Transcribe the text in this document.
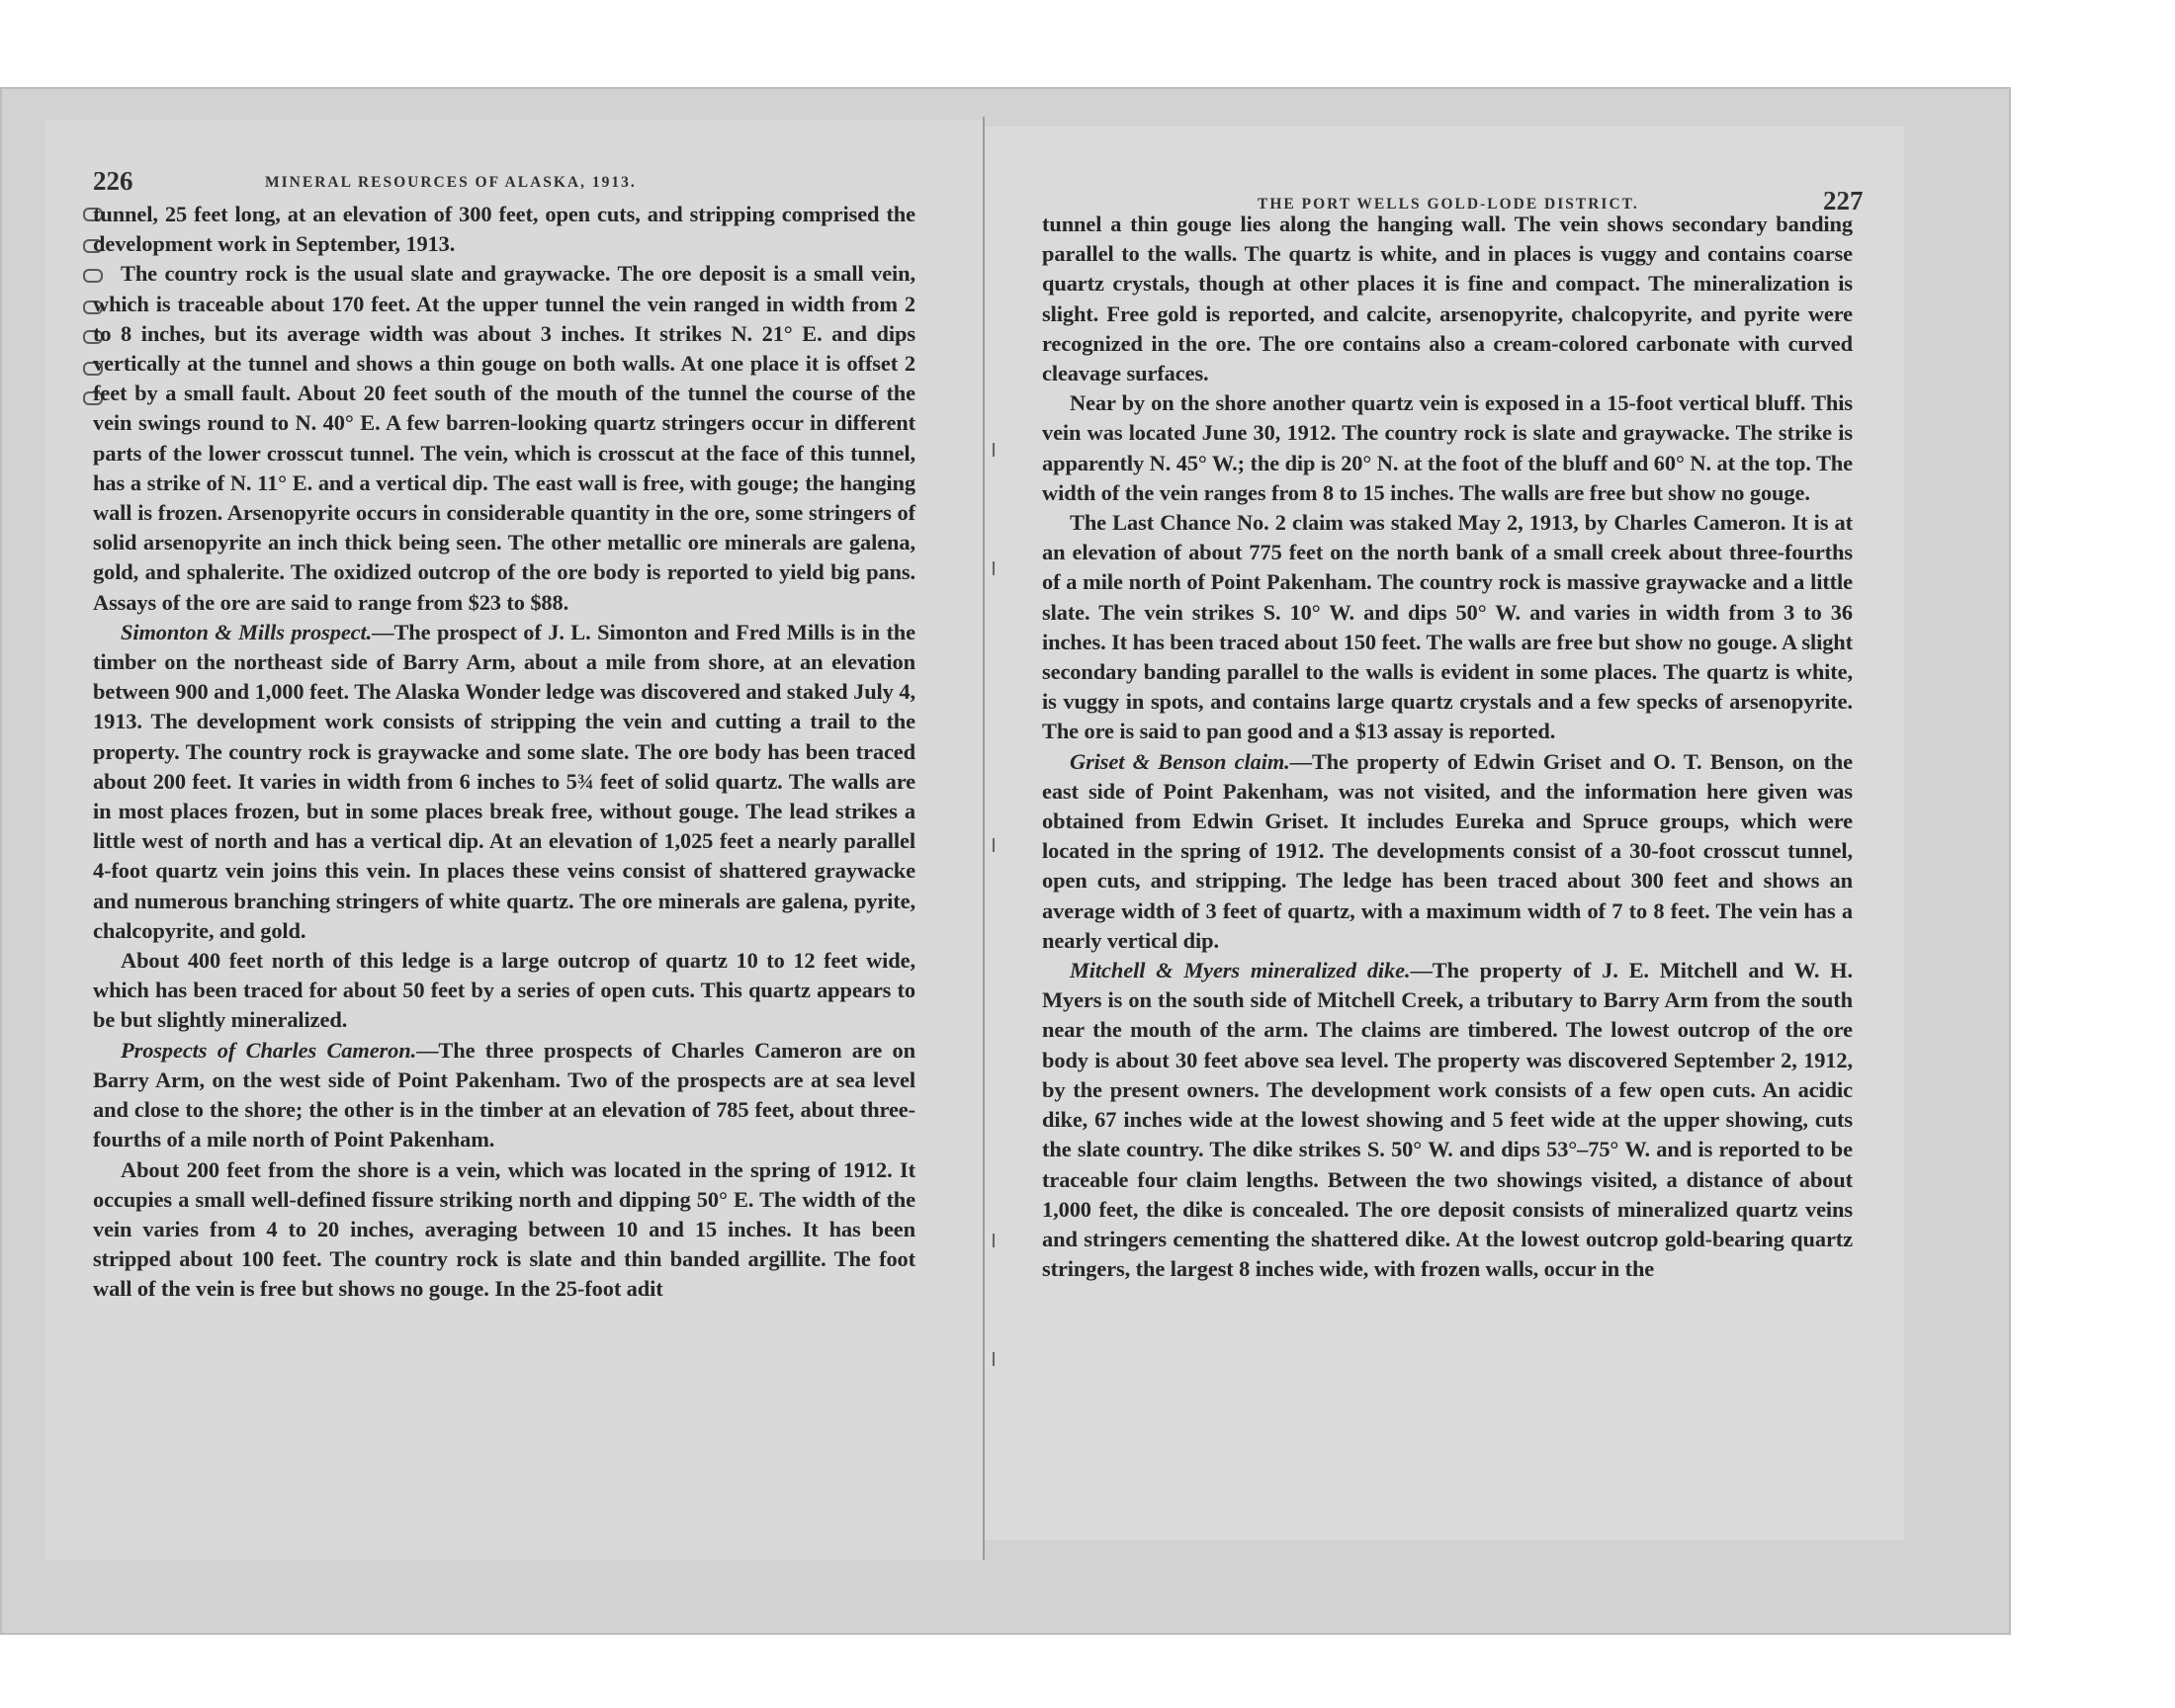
226	MINERAL RESOURCES OF ALASKA, 1913.

tunnel, 25 feet long, at an elevation of 300 feet, open cuts, and stripping comprised the development work in September, 1913.

The country rock is the usual slate and graywacke. The ore deposit is a small vein, which is traceable about 170 feet. At the upper tunnel the vein ranged in width from 2 to 8 inches, but its average width was about 3 inches. It strikes N. 21° E. and dips vertically at the tunnel and shows a thin gouge on both walls. At one place it is offset 2 feet by a small fault. About 20 feet south of the mouth of the tunnel the course of the vein swings round to N. 40° E. A few barren-looking quartz stringers occur in different parts of the lower crosscut tunnel. The vein, which is crosscut at the face of this tunnel, has a strike of N. 11° E. and a vertical dip. The east wall is free, with gouge; the hanging wall is frozen. Arsenopyrite occurs in considerable quantity in the ore, some stringers of solid arsenopyrite an inch thick being seen. The other metallic ore minerals are galena, gold, and sphalerite. The oxidized outcrop of the ore body is reported to yield big pans. Assays of the ore are said to range from $23 to $88.

Simonton & Mills prospect.—The prospect of J. L. Simonton and Fred Mills is in the timber on the northeast side of Barry Arm, about a mile from shore, at an elevation between 900 and 1,000 feet. The Alaska Wonder ledge was discovered and staked July 4, 1913. The development work consists of stripping the vein and cutting a trail to the property. The country rock is graywacke and some slate. The ore body has been traced about 200 feet. It varies in width from 6 inches to 5¾ feet of solid quartz. The walls are in most places frozen, but in some places break free, without gouge. The lead strikes a little west of north and has a vertical dip. At an elevation of 1,025 feet a nearly parallel 4-foot quartz vein joins this vein. In places these veins consist of shattered graywacke and numerous branching stringers of white quartz. The ore minerals are galena, pyrite, chalcopyrite, and gold.

About 400 feet north of this ledge is a large outcrop of quartz 10 to 12 feet wide, which has been traced for about 50 feet by a series of open cuts. This quartz appears to be but slightly mineralized.

Prospects of Charles Cameron.—The three prospects of Charles Cameron are on Barry Arm, on the west side of Point Pakenham. Two of the prospects are at sea level and close to the shore; the other is in the timber at an elevation of 785 feet, about three-fourths of a mile north of Point Pakenham.

About 200 feet from the shore is a vein, which was located in the spring of 1912. It occupies a small well-defined fissure striking north and dipping 50° E. The width of the vein varies from 4 to 20 inches, averaging between 10 and 15 inches. It has been stripped about 100 feet. The country rock is slate and thin banded argillite. The foot wall of the vein is free but shows no gouge. In the 25-foot adit

THE PORT WELLS GOLD-LODE DISTRICT.	227

tunnel a thin gouge lies along the hanging wall. The vein shows secondary banding parallel to the walls. The quartz is white, and in places is vuggy and contains coarse quartz crystals, though at other places it is fine and compact. The mineralization is slight. Free gold is reported, and calcite, arsenopyrite, chalcopyrite, and pyrite were recognized in the ore. The ore contains also a cream-colored carbonate with curved cleavage surfaces.

Near by on the shore another quartz vein is exposed in a 15-foot vertical bluff. This vein was located June 30, 1912. The country rock is slate and graywacke. The strike is apparently N. 45° W.; the dip is 20° N. at the foot of the bluff and 60° N. at the top. The width of the vein ranges from 8 to 15 inches. The walls are free but show no gouge.

The Last Chance No. 2 claim was staked May 2, 1913, by Charles Cameron. It is at an elevation of about 775 feet on the north bank of a small creek about three-fourths of a mile north of Point Pakenham. The country rock is massive graywacke and a little slate. The vein strikes S. 10° W. and dips 50° W. and varies in width from 3 to 36 inches. It has been traced about 150 feet. The walls are free but show no gouge. A slight secondary banding parallel to the walls is evident in some places. The quartz is white, is vuggy in spots, and contains large quartz crystals and a few specks of arsenopyrite. The ore is said to pan good and a $13 assay is reported.

Griset & Benson claim.—The property of Edwin Griset and O. T. Benson, on the east side of Point Pakenham, was not visited, and the information here given was obtained from Edwin Griset. It includes Eureka and Spruce groups, which were located in the spring of 1912. The developments consist of a 30-foot crosscut tunnel, open cuts, and stripping. The ledge has been traced about 300 feet and shows an average width of 3 feet of quartz, with a maximum width of 7 to 8 feet. The vein has a nearly vertical dip.

Mitchell & Myers mineralized dike.—The property of J. E. Mitchell and W. H. Myers is on the south side of Mitchell Creek, a tributary to Barry Arm from the south near the mouth of the arm. The claims are timbered. The lowest outcrop of the ore body is about 30 feet above sea level. The property was discovered September 2, 1912, by the present owners. The development work consists of a few open cuts. An acidic dike, 67 inches wide at the lowest showing and 5 feet wide at the upper showing, cuts the slate country. The dike strikes S. 50° W. and dips 53°–75° W. and is reported to be traceable four claim lengths. Between the two showings visited, a distance of about 1,000 feet, the dike is concealed. The ore deposit consists of mineralized quartz veins and stringers cementing the shattered dike. At the lowest outcrop gold-bearing quartz stringers, the largest 8 inches wide, with frozen walls, occur in the
